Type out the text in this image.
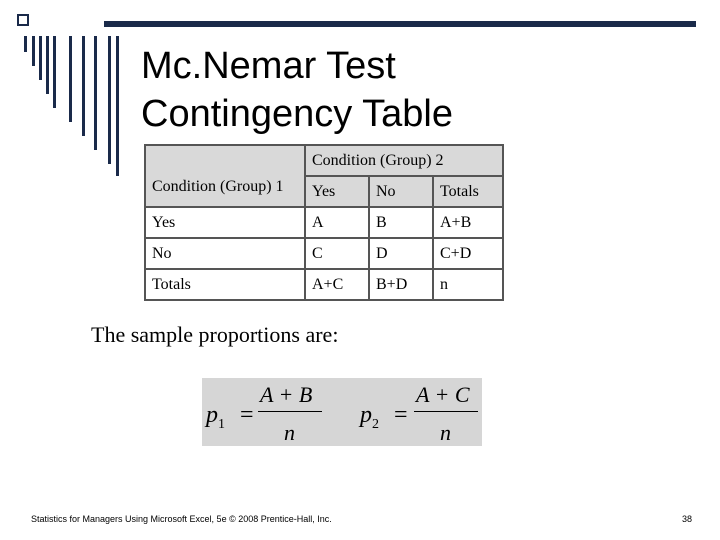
Mc.Nemar Test
Contingency Table
	Condition (Group) 2		
Condition (Group) 1	Yes	No	Totals
Yes	A	B	A+B
No	C	D	C+D
Totals	A+C	B+D	n
The sample proportions are:
$p_1$ =
A + B
n
$p_2$ =
A + C
n
Statistics for Managers Using Microsoft Excel, 5e © 2008 Prentice-Hall, Inc.	38
